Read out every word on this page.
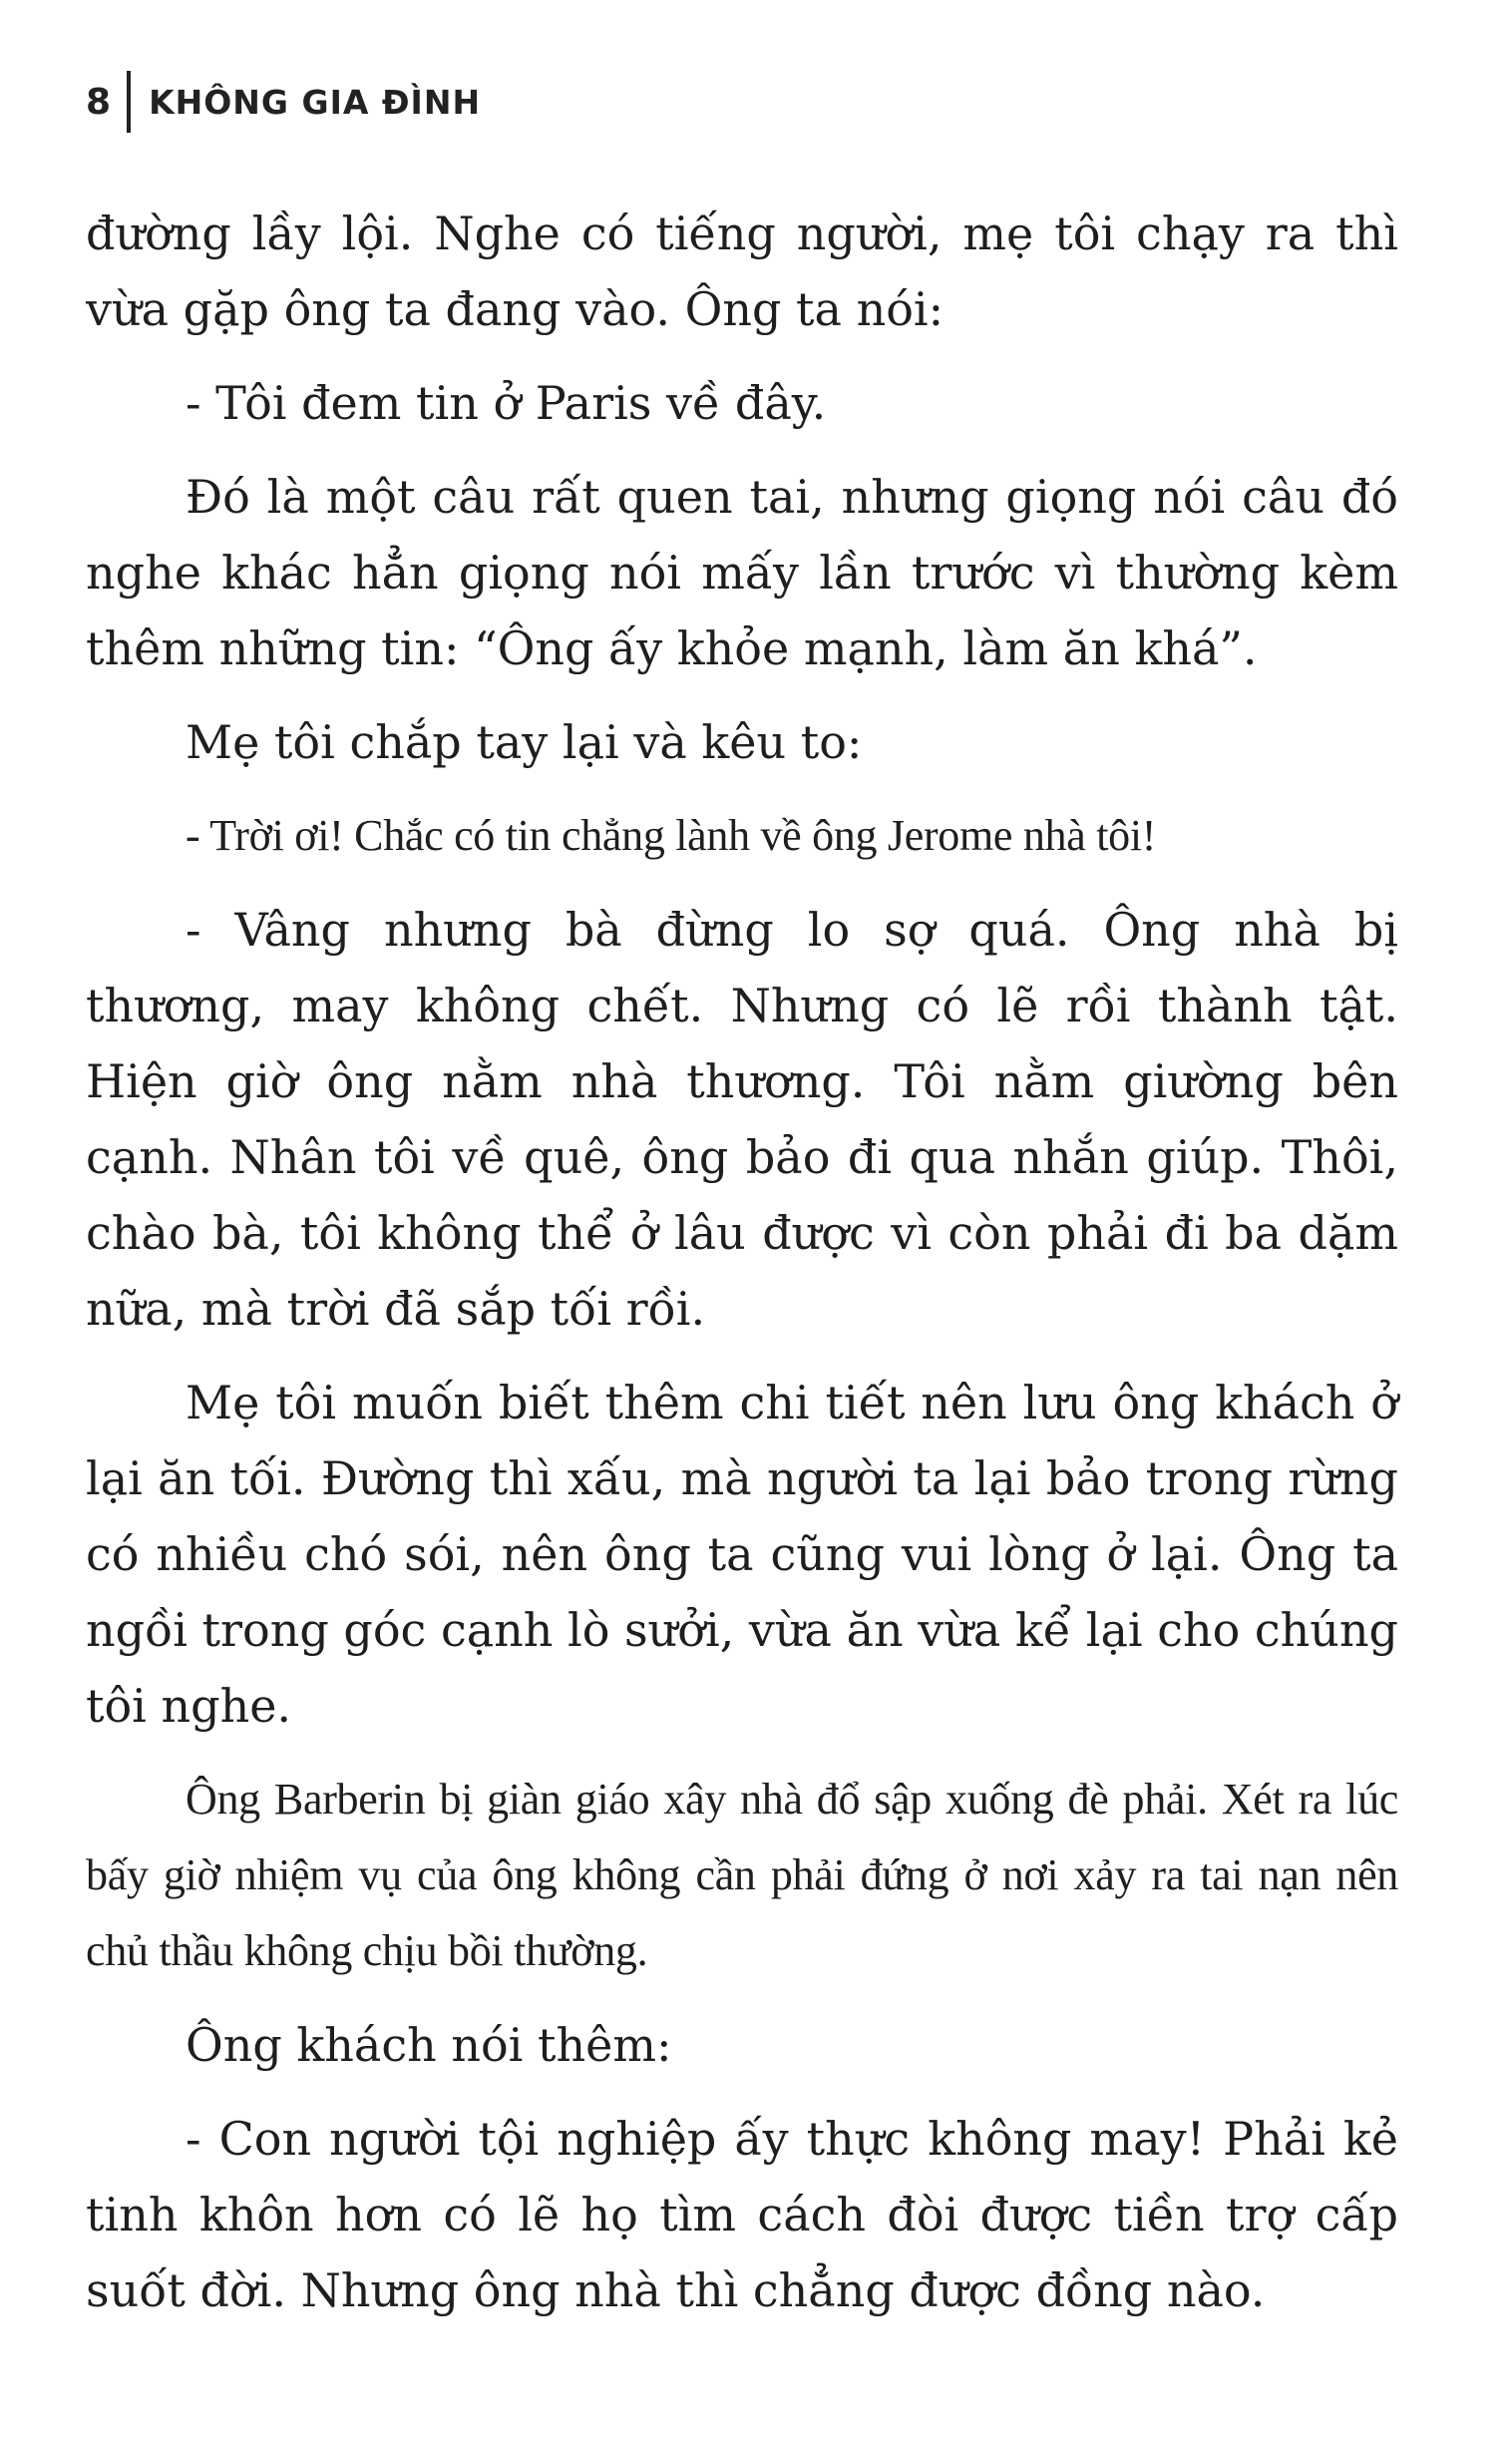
8 KHÔNG GIA ĐÌNH

đường lầy lội. Nghe có tiếng người, mẹ tôi chạy ra thì vừa gặp ông ta đang vào. Ông ta nói:

- Tôi đem tin ở Paris về đây.

Đó là một câu rất quen tai, nhưng giọng nói câu đó nghe khác hẳn giọng nói mấy lần trước vì thường kèm thêm những tin: “Ông ấy khỏe mạnh, làm ăn khá”.

Mẹ tôi chắp tay lại và kêu to:

- Trời ơi! Chắc có tin chẳng lành về ông Jerome nhà tôi!

- Vâng nhưng bà đừng lo sợ quá. Ông nhà bị thương, may không chết. Nhưng có lẽ rồi thành tật. Hiện giờ ông nằm nhà thương. Tôi nằm giường bên cạnh. Nhân tôi về quê, ông bảo đi qua nhắn giúp. Thôi, chào bà, tôi không thể ở lâu được vì còn phải đi ba dặm nữa, mà trời đã sắp tối rồi.

Mẹ tôi muốn biết thêm chi tiết nên lưu ông khách ở lại ăn tối. Đường thì xấu, mà người ta lại bảo trong rừng có nhiều chó sói, nên ông ta cũng vui lòng ở lại. Ông ta ngồi trong góc cạnh lò sưởi, vừa ăn vừa kể lại cho chúng tôi nghe.

Ông Barberin bị giàn giáo xây nhà đổ sập xuống đè phải. Xét ra lúc bấy giờ nhiệm vụ của ông không cần phải đứng ở nơi xảy ra tai nạn nên chủ thầu không chịu bồi thường.

Ông khách nói thêm:

- Con người tội nghiệp ấy thực không may! Phải kẻ tinh khôn hơn có lẽ họ tìm cách đòi được tiền trợ cấp suốt đời. Nhưng ông nhà thì chẳng được đồng nào.
